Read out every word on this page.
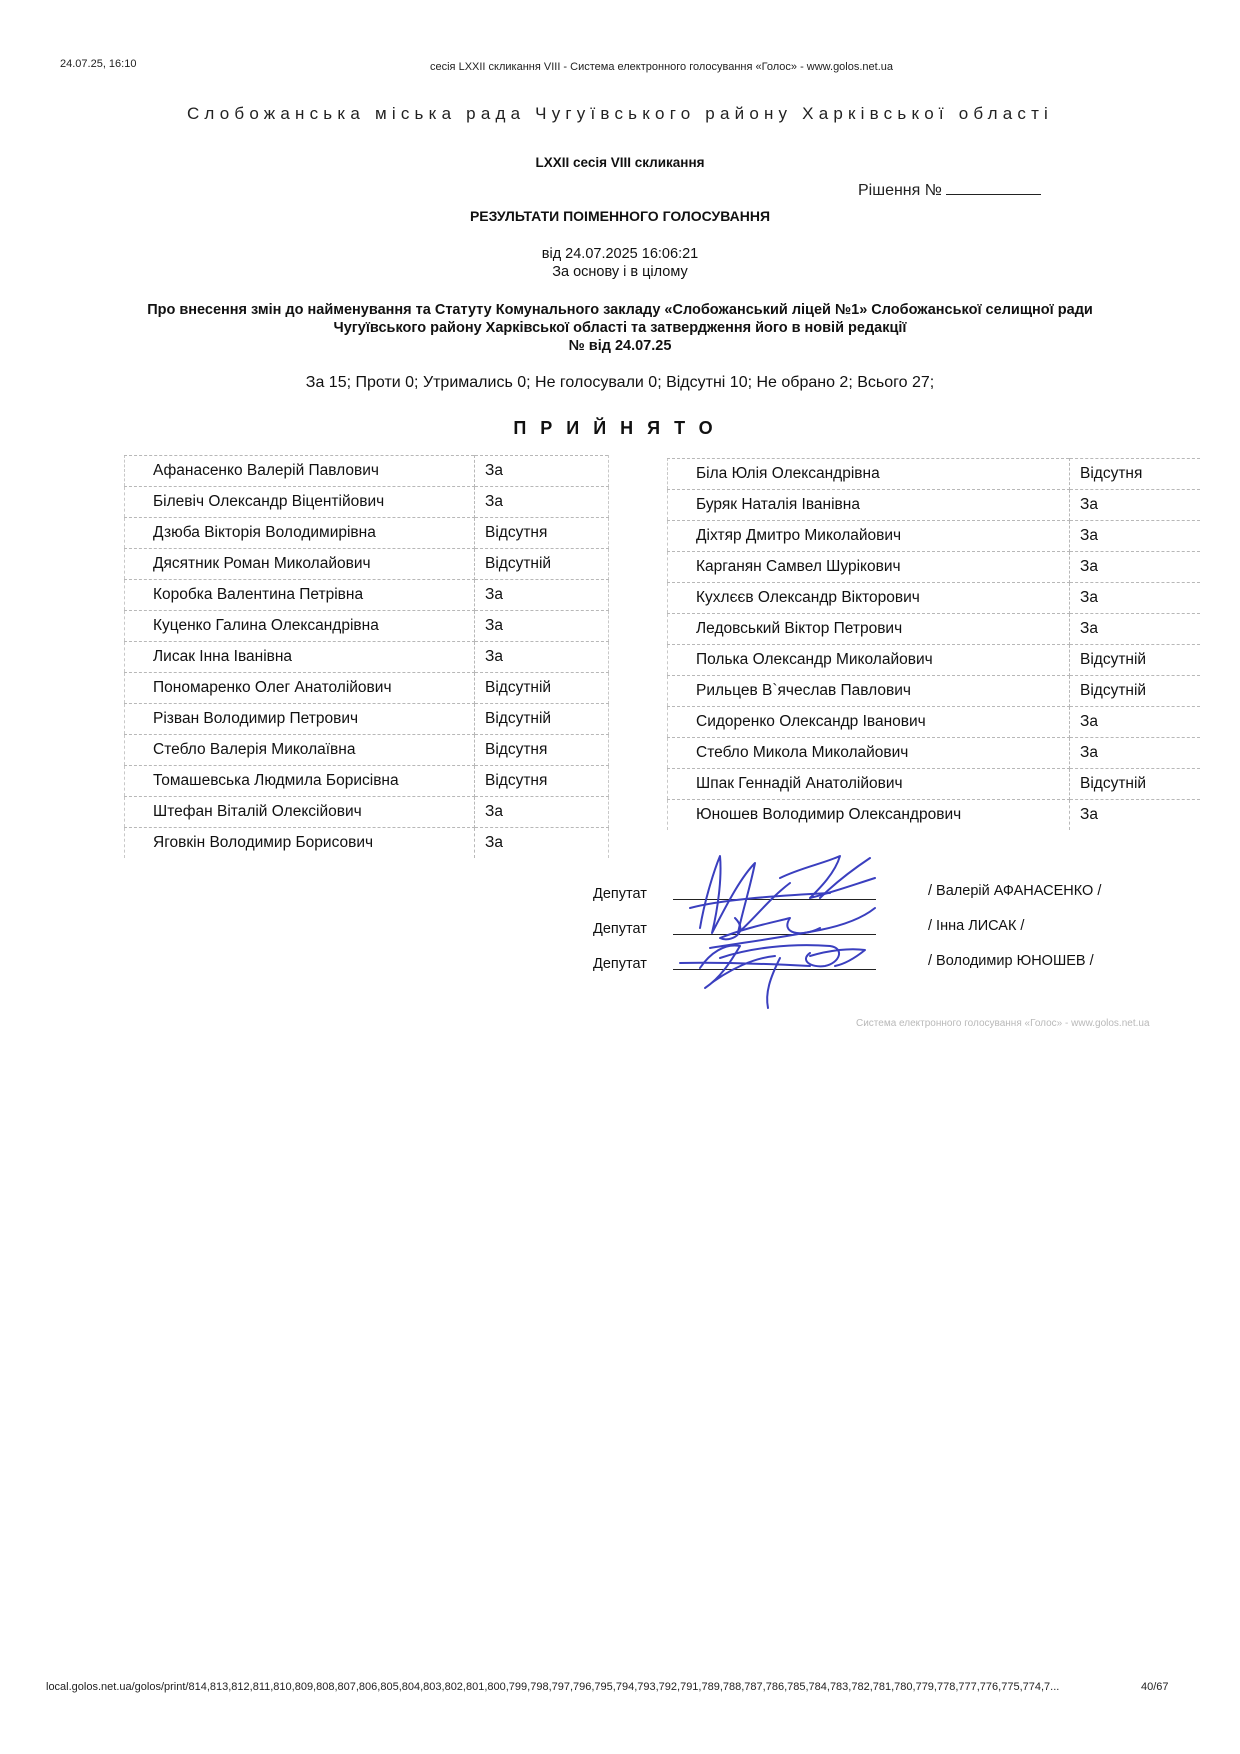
24.07.25, 16:10	сесія LXXII скликання VIII - Система електронного голосування «Голос» - www.golos.net.ua
Слобожанська міська рада Чугуївського району Харківської області
LXXII сесія VIII скликання
Рішення №
РЕЗУЛЬТАТИ ПОІМЕННОГО ГОЛОСУВАННЯ
від 24.07.2025 16:06:21
За основу і в цілому
Про внесення змін до найменування та Статуту Комунального закладу «Слобожанський ліцей №1» Слобожанської селищної ради
Чугуївського району Харківської області та затвердження його в новій редакції
№ від 24.07.25
За 15; Проти 0; Утримались 0; Не голосували 0; Відсутні 10; Не обрано 2; Всього 27;
ПРИЙНЯТО
Афанасенко Валерій Павлович	За
Білевіч Олександр Віцентійович	За
Дзюба Вікторія Володимирівна	Відсутня
Дясятник Роман Миколайович	Відсутній
Коробка Валентина Петрівна	За
Куценко Галина Олександрівна	За
Лисак Інна Іванівна	За
Пономаренко Олег Анатолійович	Відсутній
Різван Володимир Петрович	Відсутній
Стебло Валерія Миколаївна	Відсутня
Томашевська Людмила Борисівна	Відсутня
Штефан Віталій Олексійович	За
Яговкін Володимир Борисович	За
Біла Юлія Олександрівна	Відсутня
Буряк Наталія Іванівна	За
Діхтяр Дмитро Миколайович	За
Карганян Самвел Шурікович	За
Кухлєєв Олександр Вікторович	За
Ледовський Віктор Петрович	За
Полька Олександр Миколайович	Відсутній
Рильцев В`ячеслав Павлович	Відсутній
Сидоренко Олександр Іванович	За
Стебло Микола Миколайович	За
Шпак Геннадій Анатолійович	Відсутній
Юношев Володимир Олександрович	За
Депутат	/ Валерій АФАНАСЕНКО /
Депутат	/ Інна ЛИСАК /
Депутат	/ Володимир ЮНОШЕВ /
Система електронного голосування «Голос» - www.golos.net.ua
local.golos.net.ua/golos/print/814,813,812,811,810,809,808,807,806,805,804,803,802,801,800,799,798,797,796,795,794,793,792,791,789,788,787,786,785,784,783,782,781,780,779,778,777,776,775,774,7...	40/67
